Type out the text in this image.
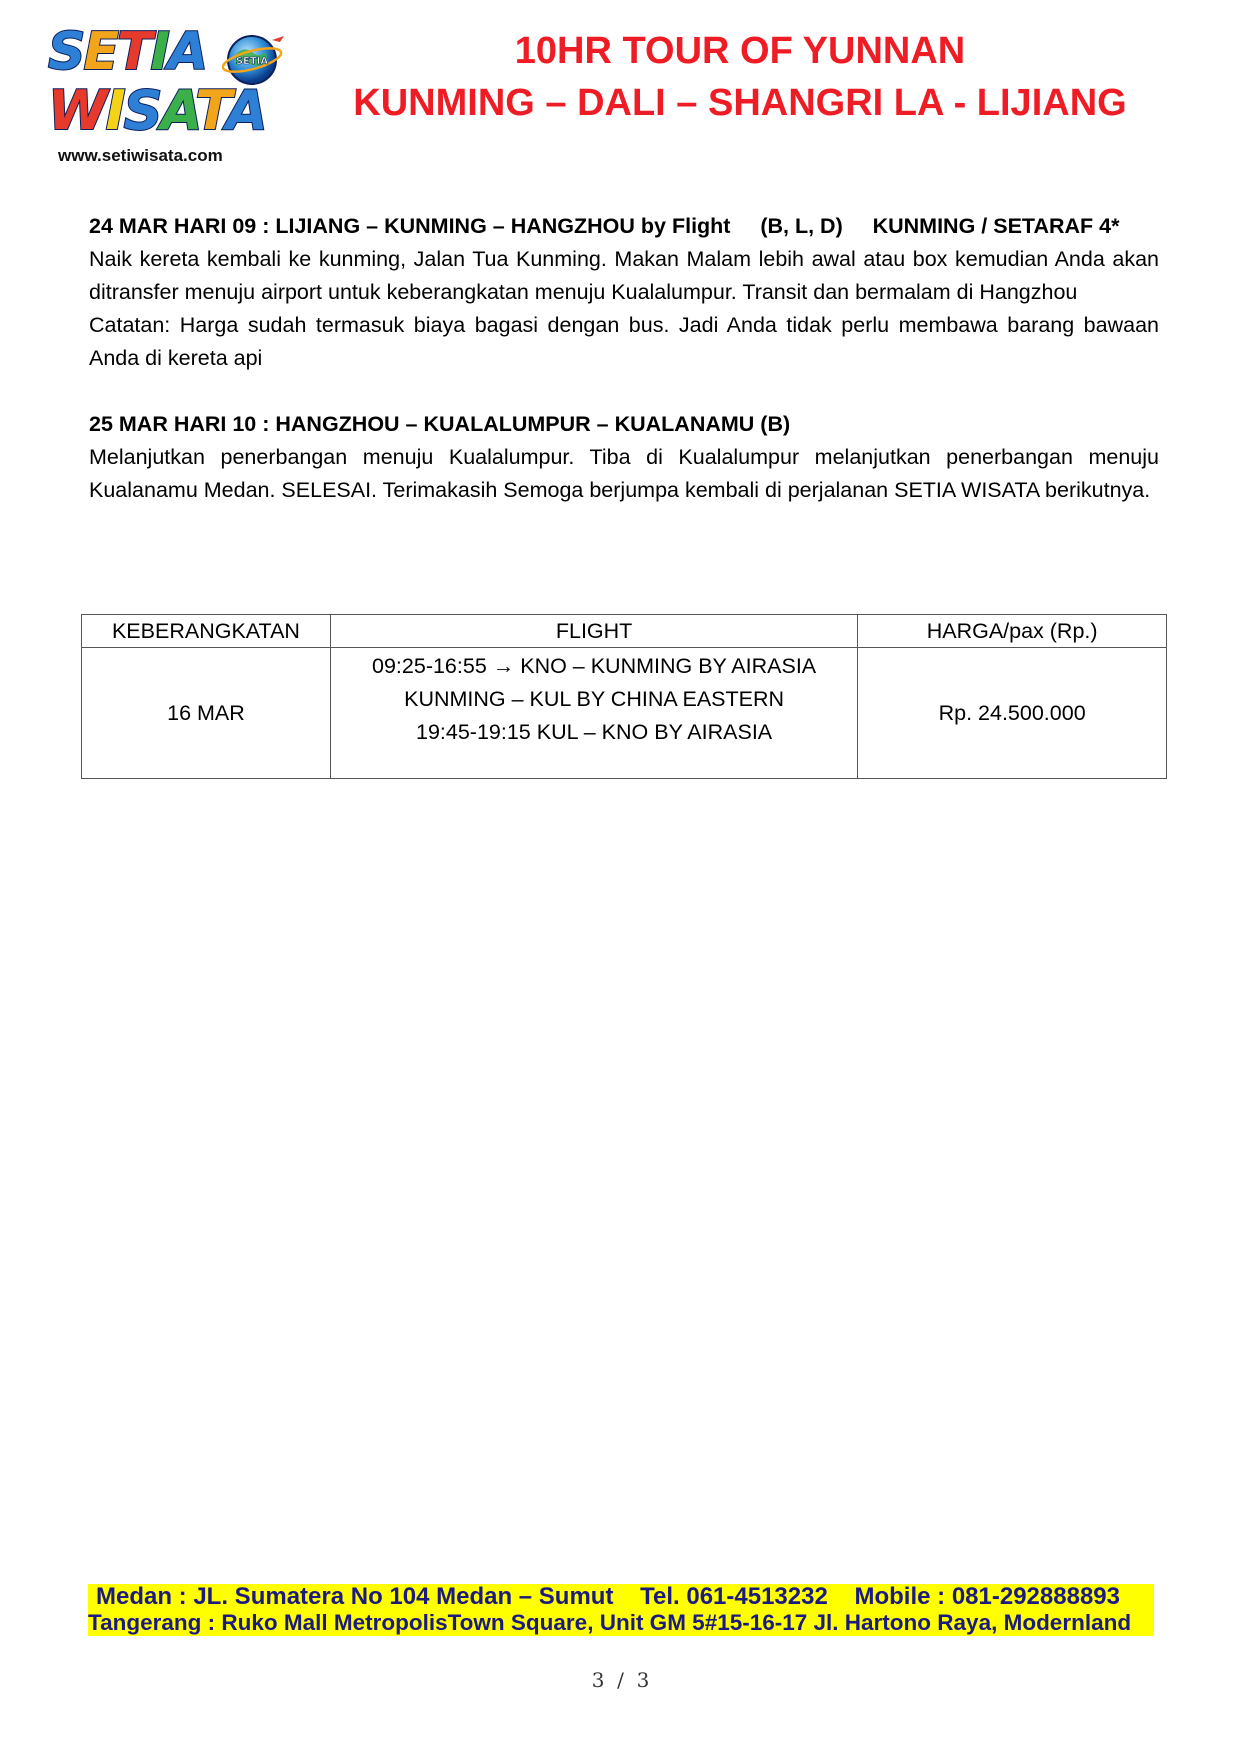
SETIA	SETIA
WISATA
www.setiwisata.com
10HR TOUR OF YUNNAN
KUNMING – DALI – SHANGRI LA - LIJIANG
24 MAR HARI 09 : LIJIANG – KUNMING – HANGZHOU by Flight     (B, L, D)     KUNMING / SETARAF 4*
Naik kereta kembali ke kunming, Jalan Tua Kunming. Makan Malam lebih awal atau box kemudian Anda akan ditransfer menuju airport untuk keberangkatan menuju Kualalumpur. Transit dan bermalam di Hangzhou
Catatan: Harga sudah termasuk biaya bagasi dengan bus. Jadi Anda tidak perlu membawa barang bawaan Anda di kereta api
25 MAR HARI 10 : HANGZHOU – KUALALUMPUR – KUALANAMU (B)
Melanjutkan penerbangan menuju Kualalumpur. Tiba di Kualalumpur melanjutkan penerbangan menuju Kualanamu Medan. SELESAI. Terimakasih Semoga berjumpa kembali di perjalanan SETIA WISATA berikutnya.
KEBERANGKATAN	FLIGHT	HARGA/pax (Rp.)
16 MAR	09:25-16:55 → KNO – KUNMING BY AIRASIA
KUNMING – KUL BY CHINA EASTERN
19:45-19:15 KUL – KNO BY AIRASIA	Rp. 24.500.000
Medan : JL. Sumatera No 104 Medan – Sumut    Tel. 061-4513232    Mobile : 081-292888893
Tangerang : Ruko Mall MetropolisTown Square, Unit GM 5#15-16-17 Jl. Hartono Raya, Modernland
3  /  3
